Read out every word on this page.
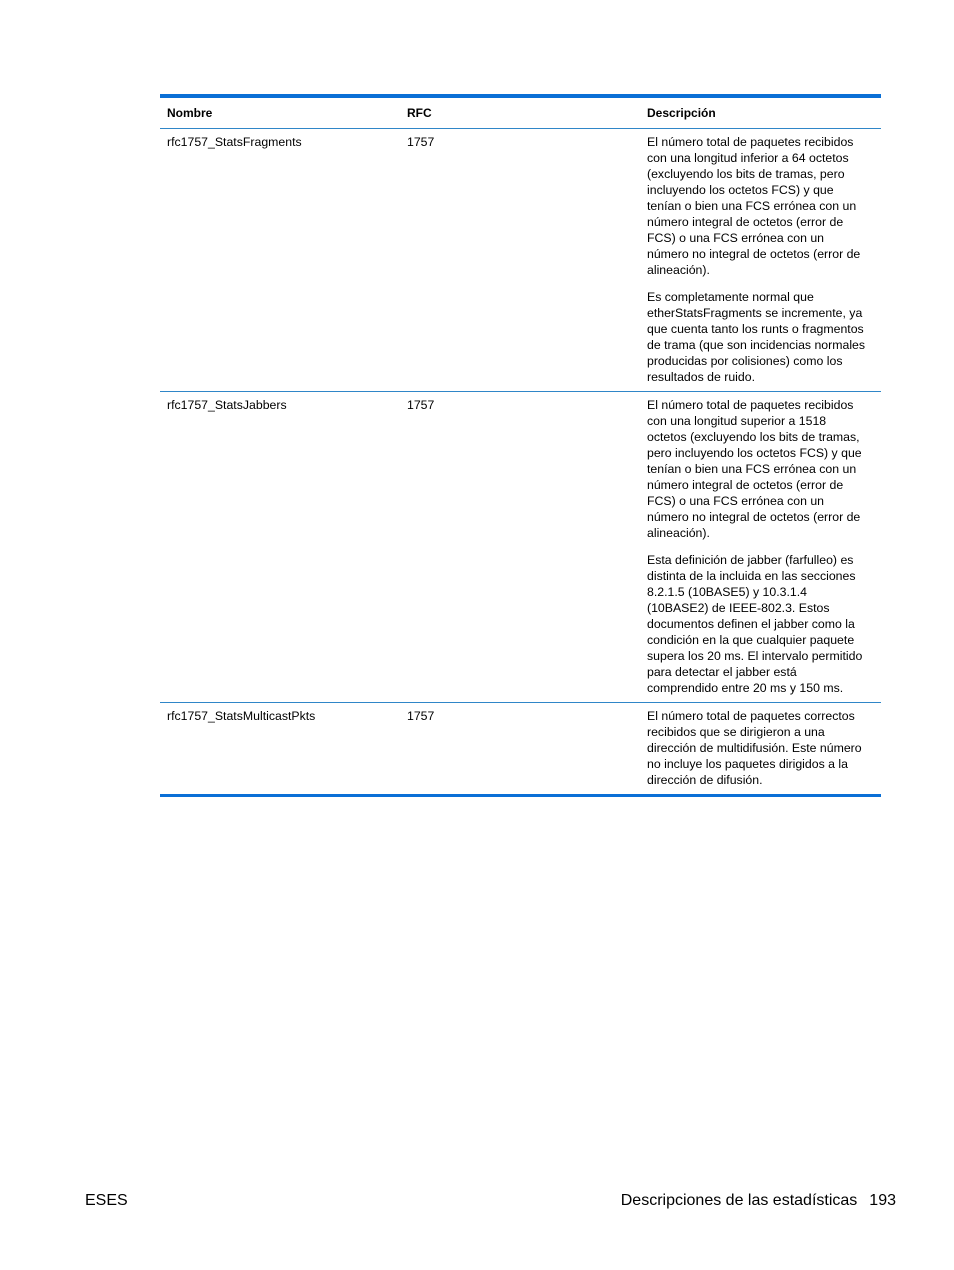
Nombre	RFC	Descripción
rfc1757_StatsFragments	1757	El número total de paquetes recibidos
con una longitud inferior a 64 octetos
(excluyendo los bits de tramas, pero
incluyendo los octetos FCS) y que
tenían o bien una FCS errónea con un
número integral de octetos (error de
FCS) o una FCS errónea con un
número no integral de octetos (error de
alineación).

Es completamente normal que
etherStatsFragments se incremente, ya
que cuenta tanto los runts o fragmentos
de trama (que son incidencias normales
producidas por colisiones) como los
resultados de ruido.

rfc1757_StatsJabbers	1757	El número total de paquetes recibidos
con una longitud superior a 1518
octetos (excluyendo los bits de tramas,
pero incluyendo los octetos FCS) y que
tenían o bien una FCS errónea con un
número integral de octetos (error de
FCS) o una FCS errónea con un
número no integral de octetos (error de
alineación).

Esta definición de jabber (farfulleo) es
distinta de la incluida en las secciones
8.2.1.5 (10BASE5) y 10.3.1.4
(10BASE2) de IEEE-802.3. Estos
documentos definen el jabber como la
condición en la que cualquier paquete
supera los 20 ms. El intervalo permitido
para detectar el jabber está
comprendido entre 20 ms y 150 ms.

rfc1757_StatsMulticastPkts	1757	El número total de paquetes correctos
recibidos que se dirigieron a una
dirección de multidifusión. Este número
no incluye los paquetes dirigidos a la
dirección de difusión.

ESES	Descripciones de las estadísticas 193
